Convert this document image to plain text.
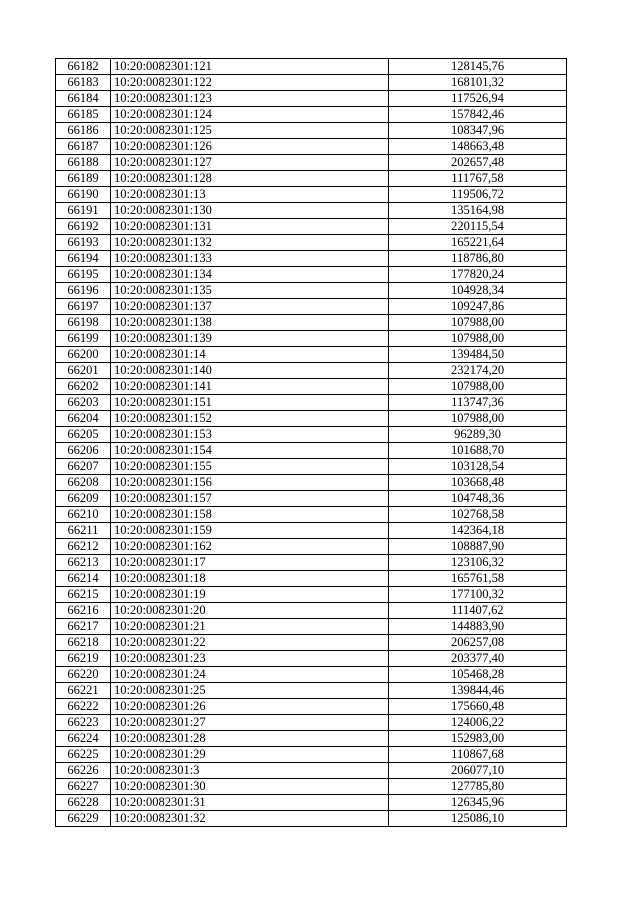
66182	10:20:0082301:121	128145,76
66183	10:20:0082301:122	168101,32
66184	10:20:0082301:123	117526,94
66185	10:20:0082301:124	157842,46
66186	10:20:0082301:125	108347,96
66187	10:20:0082301:126	148663,48
66188	10:20:0082301:127	202657,48
66189	10:20:0082301:128	111767,58
66190	10:20:0082301:13	119506,72
66191	10:20:0082301:130	135164,98
66192	10:20:0082301:131	220115,54
66193	10:20:0082301:132	165221,64
66194	10:20:0082301:133	118786,80
66195	10:20:0082301:134	177820,24
66196	10:20:0082301:135	104928,34
66197	10:20:0082301:137	109247,86
66198	10:20:0082301:138	107988,00
66199	10:20:0082301:139	107988,00
66200	10:20:0082301:14	139484,50
66201	10:20:0082301:140	232174,20
66202	10:20:0082301:141	107988,00
66203	10:20:0082301:151	113747,36
66204	10:20:0082301:152	107988,00
66205	10:20:0082301:153	96289,30
66206	10:20:0082301:154	101688,70
66207	10:20:0082301:155	103128,54
66208	10:20:0082301:156	103668,48
66209	10:20:0082301:157	104748,36
66210	10:20:0082301:158	102768,58
66211	10:20:0082301:159	142364,18
66212	10:20:0082301:162	108887,90
66213	10:20:0082301:17	123106,32
66214	10:20:0082301:18	165761,58
66215	10:20:0082301:19	177100,32
66216	10:20:0082301:20	111407,62
66217	10:20:0082301:21	144883,90
66218	10:20:0082301:22	206257,08
66219	10:20:0082301:23	203377,40
66220	10:20:0082301:24	105468,28
66221	10:20:0082301:25	139844,46
66222	10:20:0082301:26	175660,48
66223	10:20:0082301:27	124006,22
66224	10:20:0082301:28	152983,00
66225	10:20:0082301:29	110867,68
66226	10:20:0082301:3	206077,10
66227	10:20:0082301:30	127785,80
66228	10:20:0082301:31	126345,96
66229	10:20:0082301:32	125086,10
